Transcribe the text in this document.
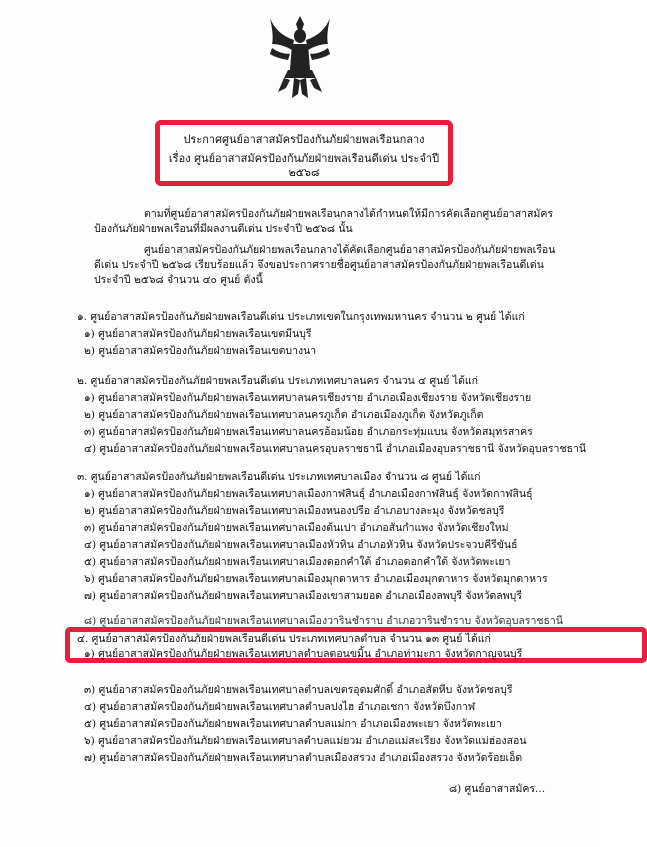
ประกาศศูนย์อาสาสมัครป้องกันภัยฝ่ายพลเรือนกลาง
เรื่อง ศูนย์อาสาสมัครป้องกันภัยฝ่ายพลเรือนดีเด่น ประจำปี ๒๕๖๘
ตามที่ศูนย์อาสาสมัครป้องกันภัยฝ่ายพลเรือนกลางได้กำหนดให้มีการคัดเลือกศูนย์อาสาสมัคร
ป้องกันภัยฝ่ายพลเรือนที่มีผลงานดีเด่น ประจำปี ๒๕๖๘ นั้น
ศูนย์อาสาสมัครป้องกันภัยฝ่ายพลเรือนกลางได้คัดเลือกศูนย์อาสาสมัครป้องกันภัยฝ่ายพลเรือน
ดีเด่น ประจำปี ๒๕๖๘ เรียบร้อยแล้ว จึงขอประกาศรายชื่อศูนย์อาสาสมัครป้องกันภัยฝ่ายพลเรือนดีเด่น
ประจำปี ๒๕๖๘ จำนวน ๔๐ ศูนย์ ดังนี้
๑. ศูนย์อาสาสมัครป้องกันภัยฝ่ายพลเรือนดีเด่น ประเภทเขตในกรุงเทพมหานคร จำนวน ๒ ศูนย์ ได้แก่
๑) ศูนย์อาสาสมัครป้องกันภัยฝ่ายพลเรือนเขตมีนบุรี
๒) ศูนย์อาสาสมัครป้องกันภัยฝ่ายพลเรือนเขตบางนา
๒. ศูนย์อาสาสมัครป้องกันภัยฝ่ายพลเรือนดีเด่น ประเภทเทศบาลนคร จำนวน ๔ ศูนย์ ได้แก่
๑) ศูนย์อาสาสมัครป้องกันภัยฝ่ายพลเรือนเทศบาลนครเชียงราย อำเภอเมืองเชียงราย จังหวัดเชียงราย
๒) ศูนย์อาสาสมัครป้องกันภัยฝ่ายพลเรือนเทศบาลนครภูเก็ต อำเภอเมืองภูเก็ต จังหวัดภูเก็ต
๓) ศูนย์อาสาสมัครป้องกันภัยฝ่ายพลเรือนเทศบาลนครอ้อมน้อย อำเภอกระทุ่มแบน จังหวัดสมุทรสาคร
๔) ศูนย์อาสาสมัครป้องกันภัยฝ่ายพลเรือนเทศบาลนครอุบลราชธานี อำเภอเมืองอุบลราชธานี จังหวัดอุบลราชธานี
๓. ศูนย์อาสาสมัครป้องกันภัยฝ่ายพลเรือนดีเด่น ประเภทเทศบาลเมือง จำนวน ๘ ศูนย์ ได้แก่
๑) ศูนย์อาสาสมัครป้องกันภัยฝ่ายพลเรือนเทศบาลเมืองกาฬสินธุ์ อำเภอเมืองกาฬสินธุ์ จังหวัดกาฬสินธุ์
๒) ศูนย์อาสาสมัครป้องกันภัยฝ่ายพลเรือนเทศบาลเมืองหนองปรือ อำเภอบางละมุง จังหวัดชลบุรี
๓) ศูนย์อาสาสมัครป้องกันภัยฝ่ายพลเรือนเทศบาลเมืองต้นเปา อำเภอสันกำแพง จังหวัดเชียงใหม่
๔) ศูนย์อาสาสมัครป้องกันภัยฝ่ายพลเรือนเทศบาลเมืองหัวหิน อำเภอหัวหิน จังหวัดประจวบคีรีขันธ์
๕) ศูนย์อาสาสมัครป้องกันภัยฝ่ายพลเรือนเทศบาลเมืองดอกคำใต้ อำเภอดอกคำใต้ จังหวัดพะเยา
๖) ศูนย์อาสาสมัครป้องกันภัยฝ่ายพลเรือนเทศบาลเมืองมุกดาหาร อำเภอเมืองมุกดาหาร จังหวัดมุกดาหาร
๗) ศูนย์อาสาสมัครป้องกันภัยฝ่ายพลเรือนเทศบาลเมืองเขาสามยอด อำเภอเมืองลพบุรี จังหวัดลพบุรี
๘) ศูนย์อาสาสมัครป้องกันภัยฝ่ายพลเรือนเทศบาลเมืองวารินชำราบ อำเภอวารินชำราบ จังหวัดอุบลราชธานี
๔. ศูนย์อาสาสมัครป้องกันภัยฝ่ายพลเรือนดีเด่น ประเภทเทศบาลตำบล จำนวน ๑๓ ศูนย์ ได้แก่
๑) ศูนย์อาสาสมัครป้องกันภัยฝ่ายพลเรือนเทศบาลตำบลดอนขมิ้น อำเภอท่ามะกา จังหวัดกาญจนบุรี
๓) ศูนย์อาสาสมัครป้องกันภัยฝ่ายพลเรือนเทศบาลตำบลเขตรอุดมศักดิ์ อำเภอสัตหีบ จังหวัดชลบุรี
๔) ศูนย์อาสาสมัครป้องกันภัยฝ่ายพลเรือนเทศบาลตำบลปงไฮ อำเภอเชกา จังหวัดบึงกาฬ
๕) ศูนย์อาสาสมัครป้องกันภัยฝ่ายพลเรือนเทศบาลตำบลแม่กา อำเภอเมืองพะเยา จังหวัดพะเยา
๖) ศูนย์อาสาสมัครป้องกันภัยฝ่ายพลเรือนเทศบาลตำบลแม่ยวม อำเภอแม่สะเรียง จังหวัดแม่ฮ่องสอน
๗) ศูนย์อาสาสมัครป้องกันภัยฝ่ายพลเรือนเทศบาลตำบลเมืองสรวง อำเภอเมืองสรวง จังหวัดร้อยเอ็ด
๘) ศูนย์อาสาสมัคร...
